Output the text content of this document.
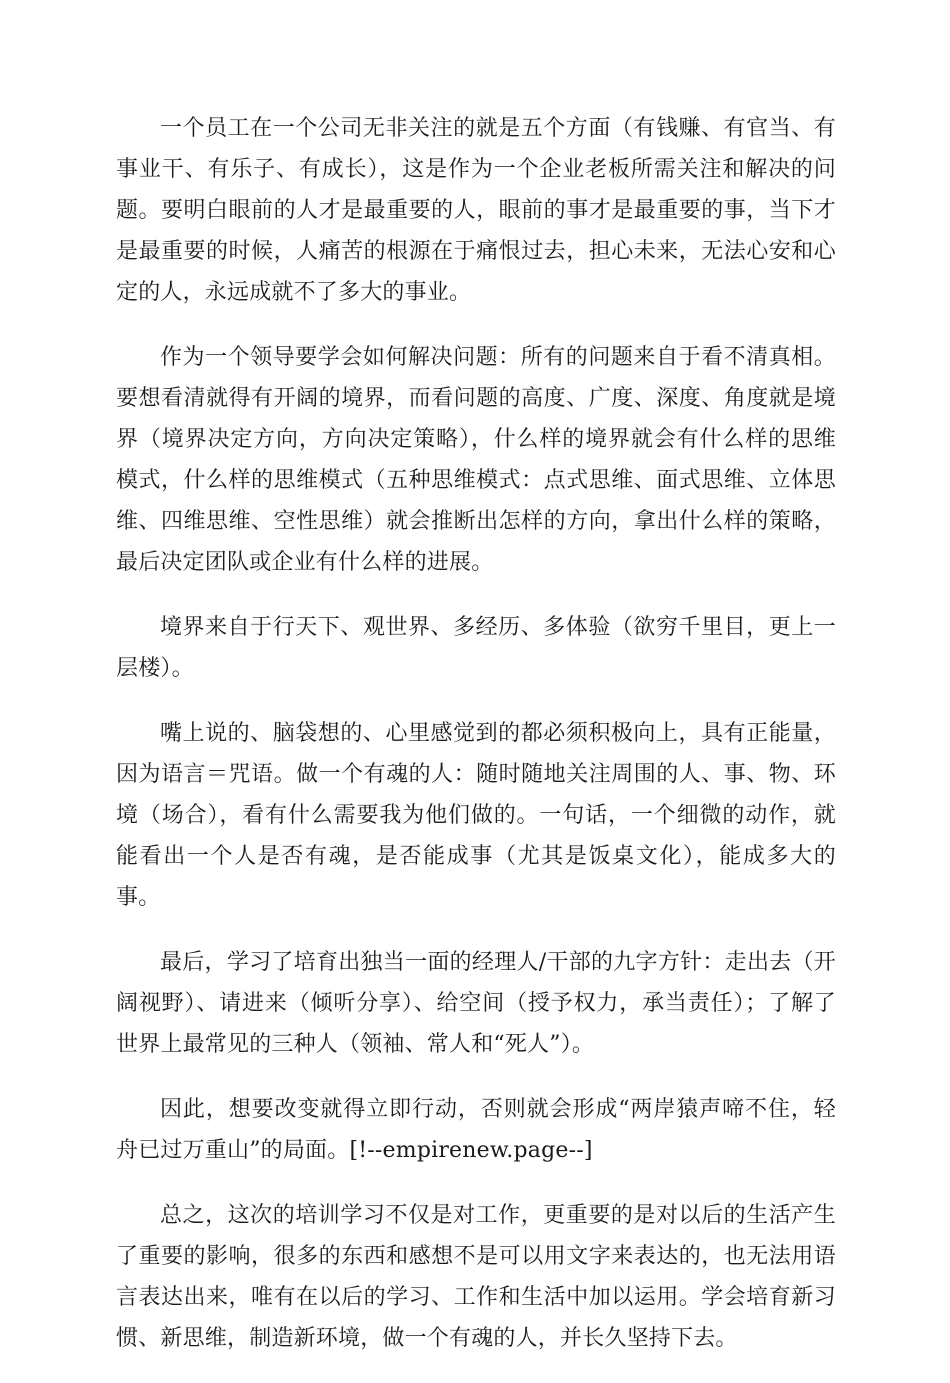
一个员工在一个公司无非关注的就是五个方面（有钱赚、有官当、有事业干、有乐子、有成长），这是作为一个企业老板所需关注和解决的问题。要明白眼前的人才是最重要的人，眼前的事才是最重要的事，当下才是最重要的时候，人痛苦的根源在于痛恨过去，担心未来，无法心安和心定的人，永远成就不了多大的事业。

作为一个领导要学会如何解决问题：所有的问题来自于看不清真相。要想看清就得有开阔的境界，而看问题的高度、广度、深度、角度就是境界（境界决定方向，方向决定策略），什么样的境界就会有什么样的思维模式，什么样的思维模式（五种思维模式：点式思维、面式思维、立体思维、四维思维、空性思维）就会推断出怎样的方向，拿出什么样的策略，最后决定团队或企业有什么样的进展。

境界来自于行天下、观世界、多经历、多体验（欲穷千里目，更上一层楼）。

嘴上说的、脑袋想的、心里感觉到的都必须积极向上，具有正能量，因为语言＝咒语。做一个有魂的人：随时随地关注周围的人、事、物、环境（场合），看有什么需要我为他们做的。一句话，一个细微的动作，就能看出一个人是否有魂，是否能成事（尤其是饭桌文化），能成多大的事。

最后，学习了培育出独当一面的经理人/干部的九字方针：走出去（开阔视野）、请进来（倾听分享）、给空间（授予权力，承当责任）；了解了世界上最常见的三种人（领袖、常人和“死人”）。

因此，想要改变就得立即行动，否则就会形成“两岸猿声啼不住，轻舟已过万重山”的局面。[!--empirenew.page--]

总之，这次的培训学习不仅是对工作，更重要的是对以后的生活产生了重要的影响，很多的东西和感想不是可以用文字来表达的，也无法用语言表达出来，唯有在以后的学习、工作和生活中加以运用。学会培育新习惯、新思维，制造新环境，做一个有魂的人，并长久坚持下去。
